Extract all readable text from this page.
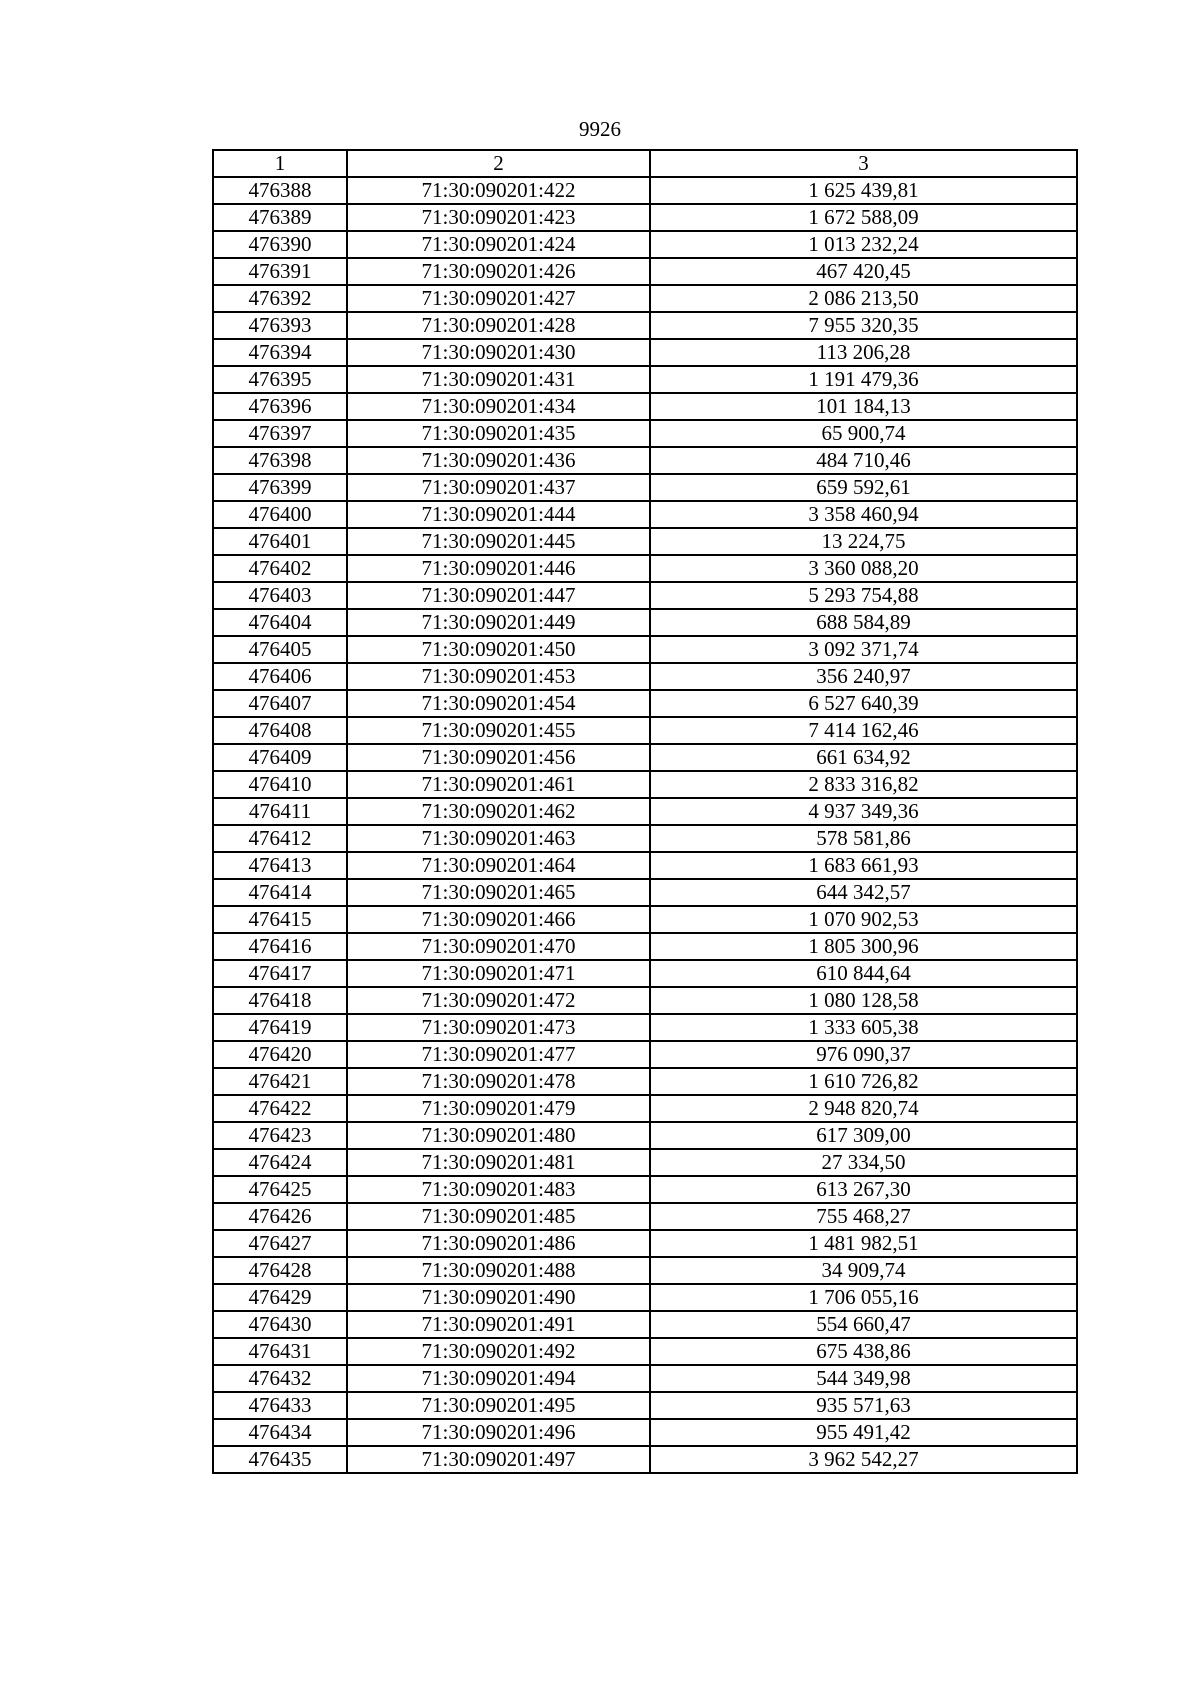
9926
1	2	3
476388	71:30:090201:422	1 625 439,81
476389	71:30:090201:423	1 672 588,09
476390	71:30:090201:424	1 013 232,24
476391	71:30:090201:426	467 420,45
476392	71:30:090201:427	2 086 213,50
476393	71:30:090201:428	7 955 320,35
476394	71:30:090201:430	113 206,28
476395	71:30:090201:431	1 191 479,36
476396	71:30:090201:434	101 184,13
476397	71:30:090201:435	65 900,74
476398	71:30:090201:436	484 710,46
476399	71:30:090201:437	659 592,61
476400	71:30:090201:444	3 358 460,94
476401	71:30:090201:445	13 224,75
476402	71:30:090201:446	3 360 088,20
476403	71:30:090201:447	5 293 754,88
476404	71:30:090201:449	688 584,89
476405	71:30:090201:450	3 092 371,74
476406	71:30:090201:453	356 240,97
476407	71:30:090201:454	6 527 640,39
476408	71:30:090201:455	7 414 162,46
476409	71:30:090201:456	661 634,92
476410	71:30:090201:461	2 833 316,82
476411	71:30:090201:462	4 937 349,36
476412	71:30:090201:463	578 581,86
476413	71:30:090201:464	1 683 661,93
476414	71:30:090201:465	644 342,57
476415	71:30:090201:466	1 070 902,53
476416	71:30:090201:470	1 805 300,96
476417	71:30:090201:471	610 844,64
476418	71:30:090201:472	1 080 128,58
476419	71:30:090201:473	1 333 605,38
476420	71:30:090201:477	976 090,37
476421	71:30:090201:478	1 610 726,82
476422	71:30:090201:479	2 948 820,74
476423	71:30:090201:480	617 309,00
476424	71:30:090201:481	27 334,50
476425	71:30:090201:483	613 267,30
476426	71:30:090201:485	755 468,27
476427	71:30:090201:486	1 481 982,51
476428	71:30:090201:488	34 909,74
476429	71:30:090201:490	1 706 055,16
476430	71:30:090201:491	554 660,47
476431	71:30:090201:492	675 438,86
476432	71:30:090201:494	544 349,98
476433	71:30:090201:495	935 571,63
476434	71:30:090201:496	955 491,42
476435	71:30:090201:497	3 962 542,27
